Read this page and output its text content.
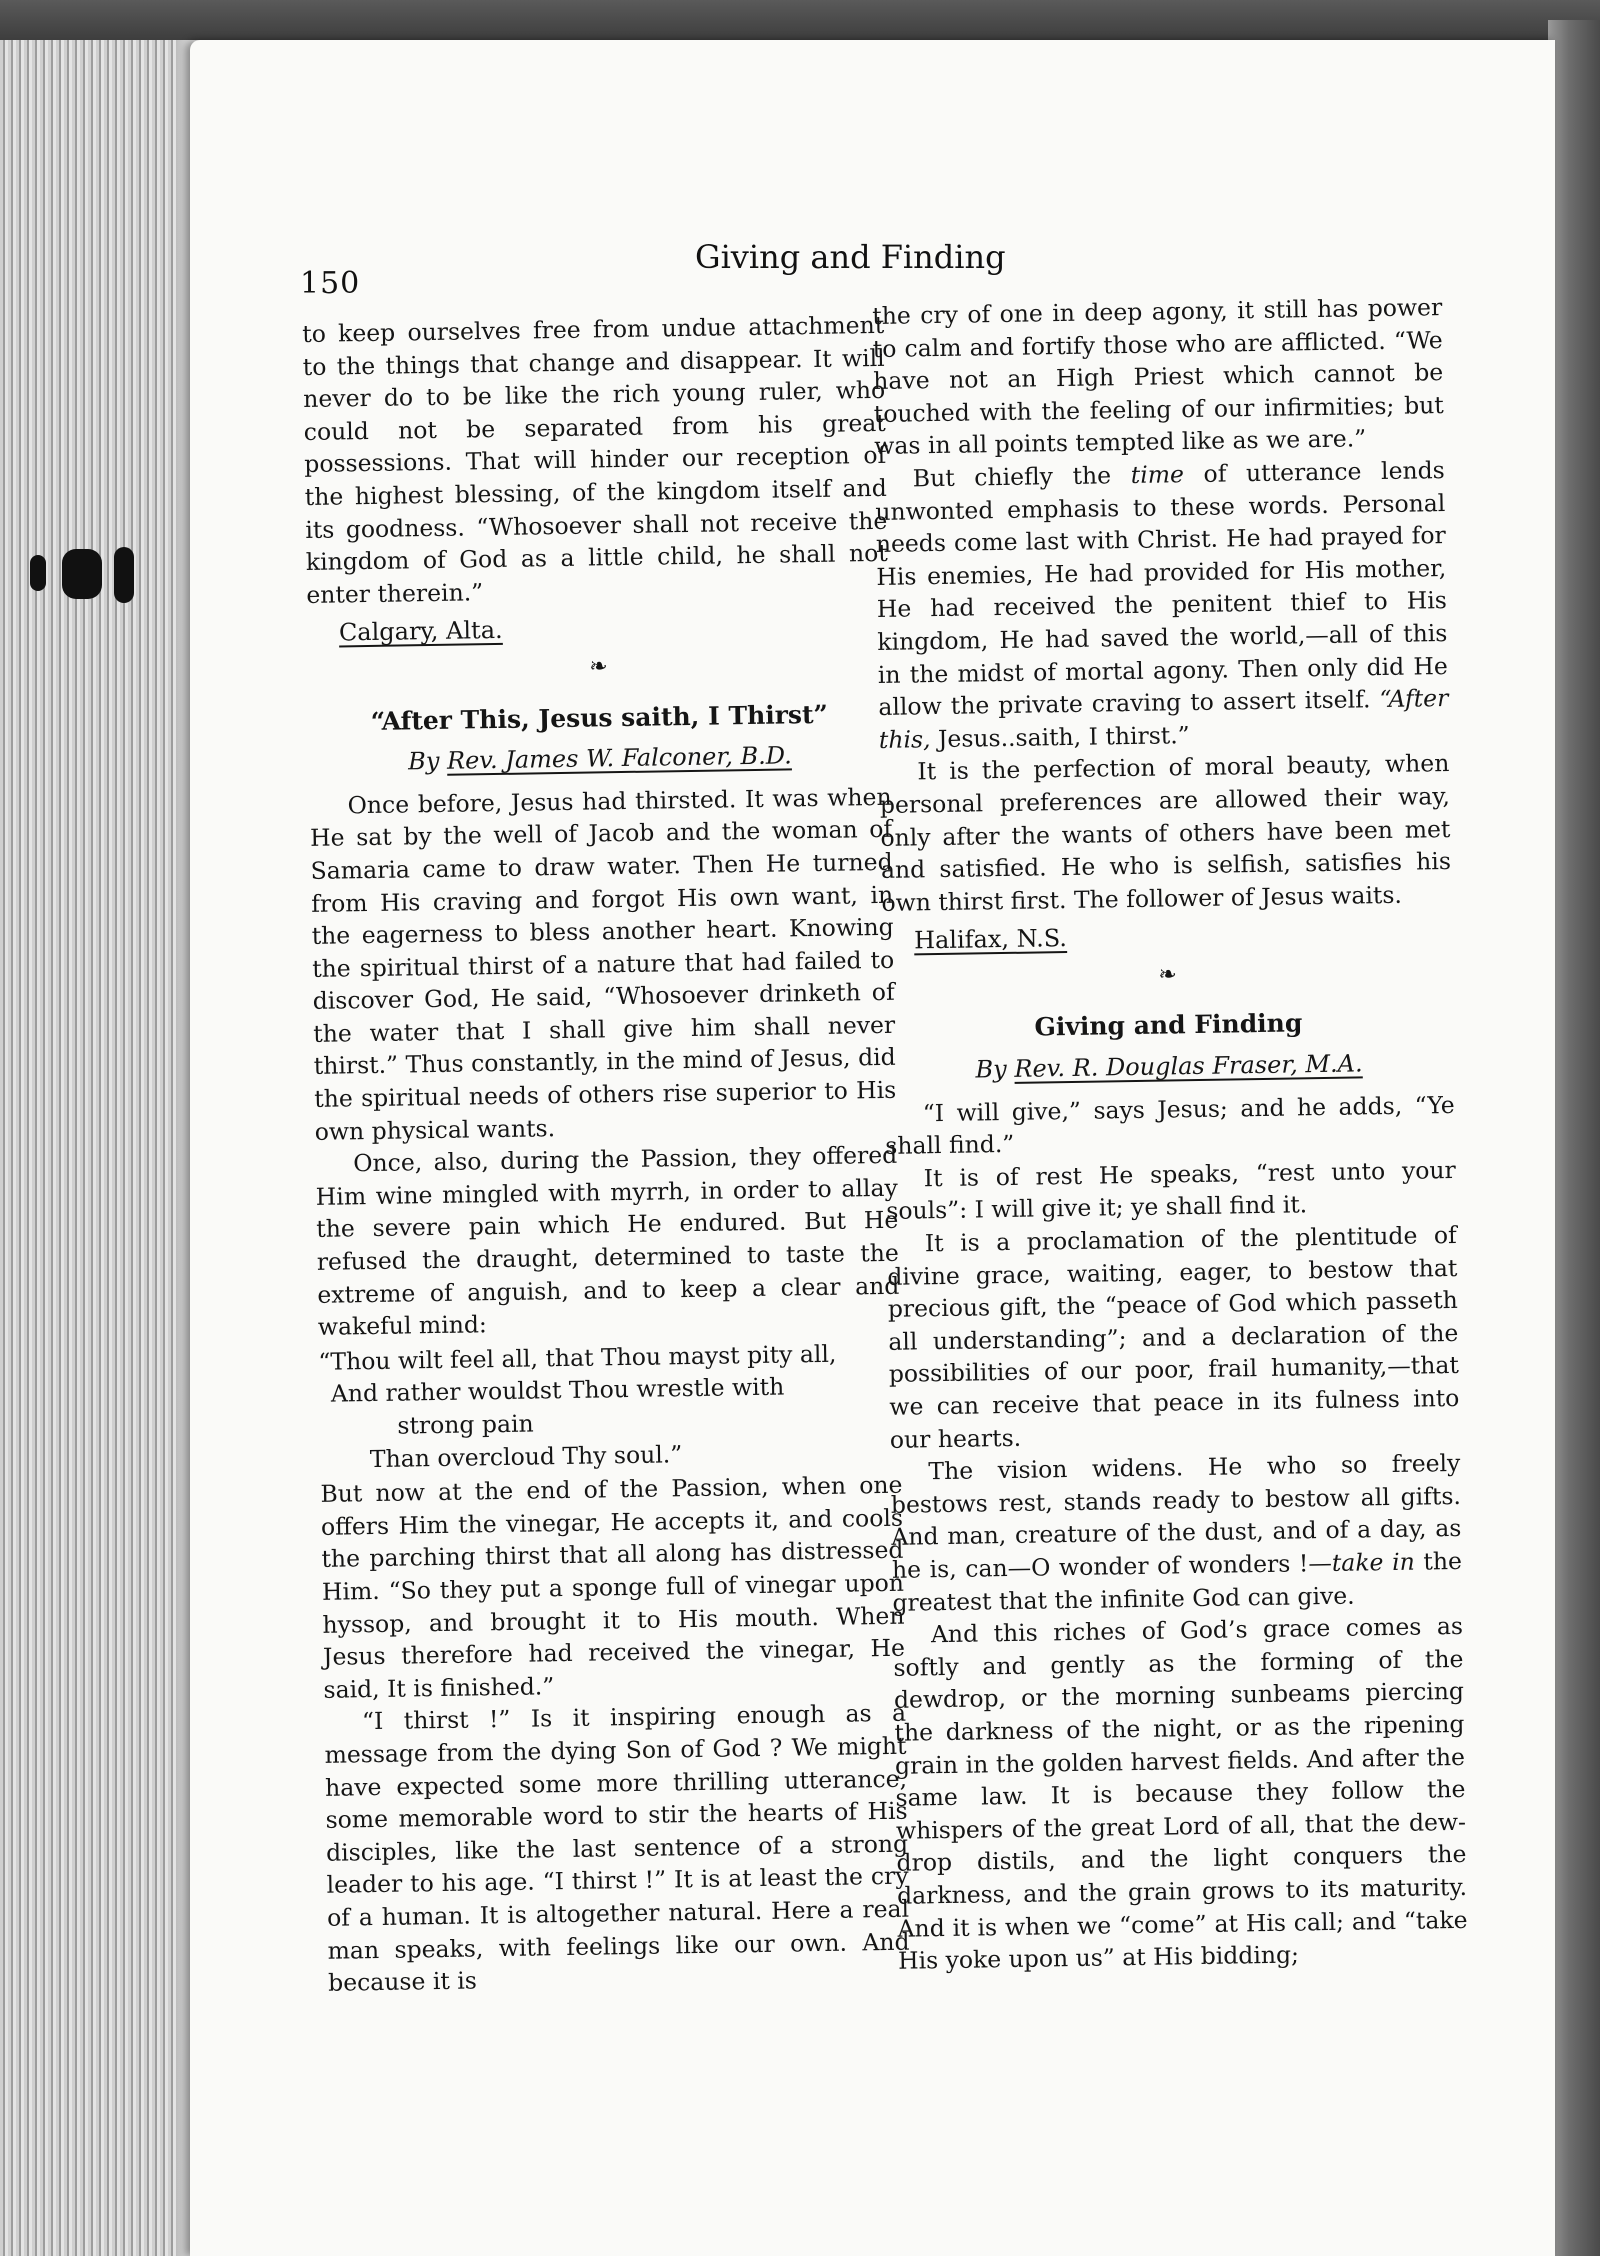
150
Giving and Finding

to keep ourselves free from undue attachment to the things that change and disappear. It will never do to be like the rich young ruler, who could not be separated from his great possessions. That will hinder our reception of the highest blessing, of the kingdom itself and its goodness. “Whosoever shall not receive the kingdom of God as a little child, he shall not enter therein.”

Calgary, Alta.
❧
“After This, Jesus saith, I Thirst”
By Rev. James W. Falconer, B.D.

Once before, Jesus had thirsted. It was when He sat by the well of Jacob and the woman of Samaria came to draw water. Then He turned from His craving and forgot His own want, in the eagerness to bless another heart. Knowing the spiritual thirst of a nature that had failed to discover God, He said, “Whosoever drinketh of the water that I shall give him shall never thirst.” Thus constantly, in the mind of Jesus, did the spiritual needs of others rise superior to His own physical wants.

Once, also, during the Passion, they offered Him wine mingled with myrrh, in order to allay the severe pain which He endured. But He refused the draught, determined to taste the extreme of anguish, and to keep a clear and wakeful mind:

“Thou wilt feel all, that Thou mayst pity all,
And rather wouldst Thou wrestle with
strong pain
Than overcloud Thy soul.”

But now at the end of the Passion, when one offers Him the vinegar, He accepts it, and cools the parching thirst that all along has distressed Him. “So they put a sponge full of vinegar upon hyssop, and brought it to His mouth. When Jesus therefore had received the vinegar, He said, It is finished.”

“I thirst !” Is it inspiring enough as a message from the dying Son of God ? We might have expected some more thrilling utterance, some memorable word to stir the hearts of His disciples, like the last sentence of a strong leader to his age. “I thirst !” It is at least the cry of a human. It is altogether natural. Here a real man speaks, with feelings like our own. And because it is

the cry of one in deep agony, it still has power to calm and fortify those who are afflicted. “We have not an High Priest which cannot be touched with the feeling of our infirmities; but was in all points tempted like as we are.”

But chiefly the time of utterance lends unwonted emphasis to these words. Personal needs come last with Christ. He had prayed for His enemies, He had provided for His mother, He had received the penitent thief to His kingdom, He had saved the world,—all of this in the midst of mortal agony. Then only did He allow the private craving to assert itself. “After this, Jesus..saith, I thirst.”

It is the perfection of moral beauty, when personal preferences are allowed their way, only after the wants of others have been met and satisfied. He who is selfish, satisfies his own thirst first. The follower of Jesus waits.

Halifax, N.S.
❧
Giving and Finding
By Rev. R. Douglas Fraser, M.A.

“I will give,” says Jesus; and he adds, “Ye shall find.”

It is of rest He speaks, “rest unto your souls”: I will give it; ye shall find it.

It is a proclamation of the plentitude of divine grace, waiting, eager, to bestow that precious gift, the “peace of God which passeth all understanding”; and a declaration of the possibilities of our poor, frail humanity,—that we can receive that peace in its fulness into our hearts.

The vision widens. He who so freely bestows rest, stands ready to bestow all gifts. And man, creature of the dust, and of a day, as he is, can—O wonder of wonders !—take in the greatest that the infinite God can give.

And this riches of God’s grace comes as softly and gently as the forming of the dewdrop, or the morning sunbeams piercing the darkness of the night, or as the ripening grain in the golden harvest fields. And after the same law. It is because they follow the whispers of the great Lord of all, that the dew-drop distils, and the light conquers the darkness, and the grain grows to its maturity. And it is when we “come” at His call; and “take His yoke upon us” at His bidding;
